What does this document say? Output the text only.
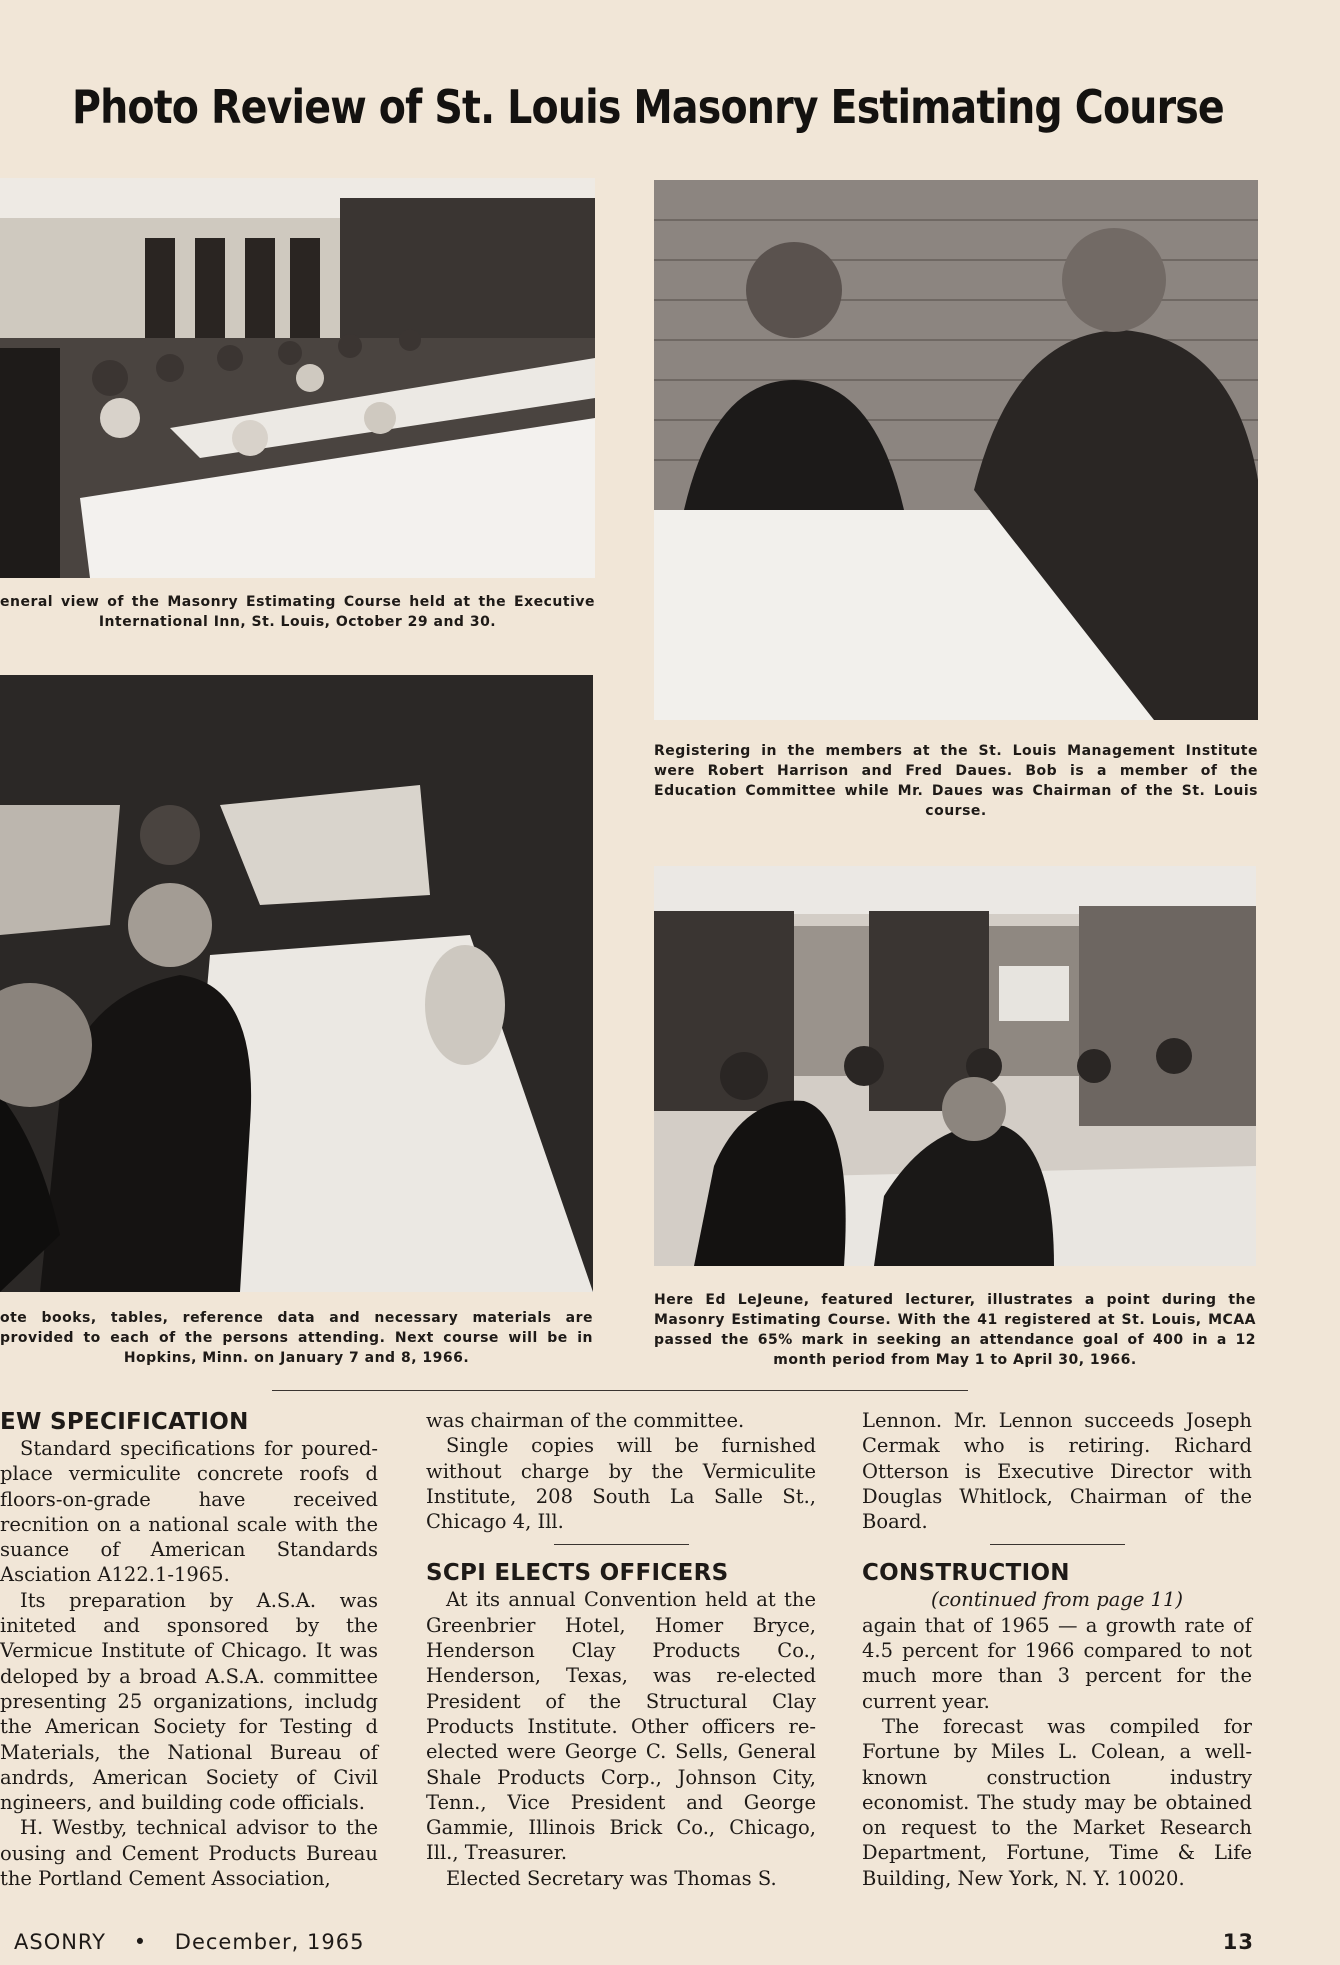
Photo Review of St. Louis Masonry Estimating Course

eneral view of the Masonry Estimating Course held at the Executive International Inn, St. Louis, October 29 and 30.

Registering in the members at the St. Louis Management Institute were Robert Harrison and Fred Daues. Bob is a member of the Education Committee while Mr. Daues was Chairman of the St. Louis course.

ote books, tables, reference data and necessary materials are provided to each of the persons attending. Next course will be in Hopkins, Minn. on January 7 and 8, 1966.

Here Ed LeJeune, featured lecturer, illustrates a point during the Masonry Estimating Course. With the 41 registered at St. Louis, MCAA passed the 65% mark in seeking an attendance goal of 400 in a 12 month period from May 1 to April 30, 1966.

EW SPECIFICATION

Standard specifications for poured-place vermiculite concrete roofs d floors-on-grade have received recnition on a national scale with the suance of American Standards Asciation A122.1-1965.

Its preparation by A.S.A. was initeted and sponsored by the Vermicue Institute of Chicago. It was deloped by a broad A.S.A. committee presenting 25 organizations, includg the American Society for Testing d Materials, the National Bureau of andrds, American Society of Civil ngineers, and building code officials.

H. Westby, technical advisor to the ousing and Cement Products Bureau the Portland Cement Association,

was chairman of the committee.

Single copies will be furnished without charge by the Vermiculite Institute, 208 South La Salle St., Chicago 4, Ill.

SCPI ELECTS OFFICERS

At its annual Convention held at the Greenbrier Hotel, Homer Bryce, Henderson Clay Products Co., Henderson, Texas, was re-elected President of the Structural Clay Products Institute. Other officers re-elected were George C. Sells, General Shale Products Corp., Johnson City, Tenn., Vice President and George Gammie, Illinois Brick Co., Chicago, Ill., Treasurer.

Elected Secretary was Thomas S.

Lennon. Mr. Lennon succeeds Joseph Cermak who is retiring. Richard Otterson is Executive Director with Douglas Whitlock, Chairman of the Board.

CONSTRUCTION

(continued from page 11)

again that of 1965 — a growth rate of 4.5 percent for 1966 compared to not much more than 3 percent for the current year.

The forecast was compiled for Fortune by Miles L. Colean, a well-known construction industry economist. The study may be obtained on request to the Market Research Department, Fortune, Time & Life Building, New York, N. Y. 10020.

ASONRY • December, 1965	13
